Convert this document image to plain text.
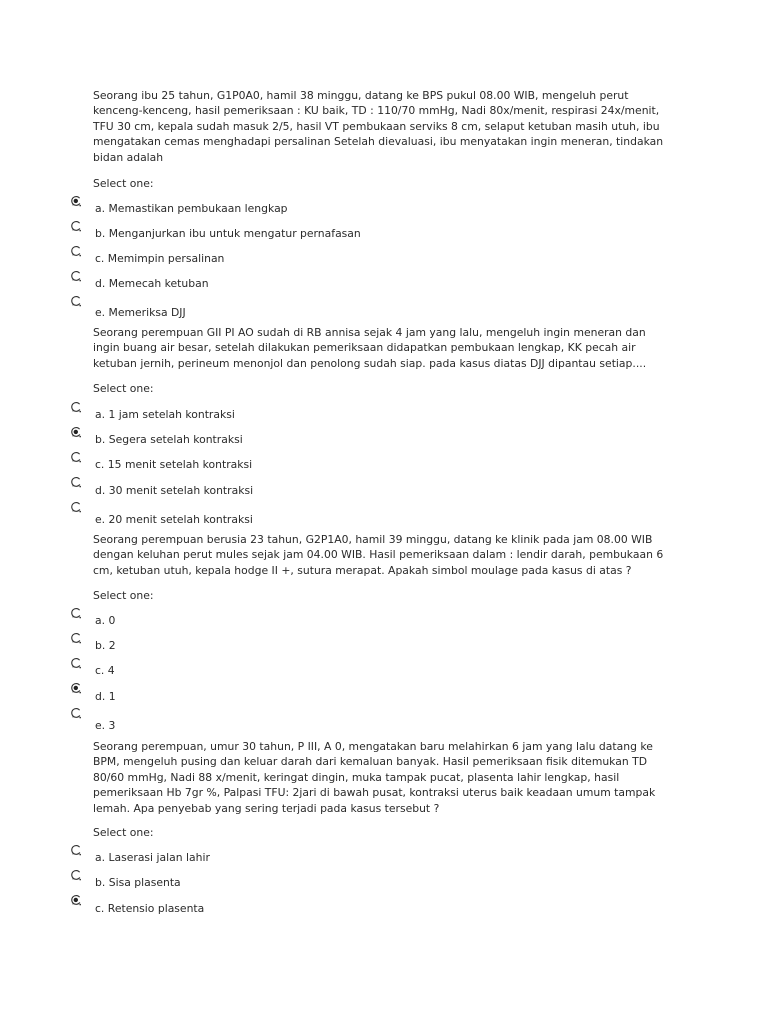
Seorang ibu 25 tahun, G1P0A0, hamil 38 minggu, datang ke BPS pukul 08.00 WIB, mengeluh perut kenceng-kenceng, hasil pemeriksaan : KU baik, TD : 110/70 mmHg, Nadi 80x/menit, respirasi 24x/menit, TFU 30 cm, kepala sudah masuk 2/5, hasil VT pembukaan serviks 8 cm, selaput ketuban masih utuh, ibu mengatakan cemas menghadapi persalinan Setelah dievaluasi, ibu menyatakan ingin meneran, tindakan bidan adalah

Select one:

a. Memastikan pembukaan lengkap
b. Menganjurkan ibu untuk mengatur pernafasan
c. Memimpin persalinan
d. Memecah ketuban
e. Memeriksa DJJ

Seorang perempuan GII PI AO sudah di RB annisa sejak 4 jam yang lalu, mengeluh ingin meneran dan ingin buang air besar, setelah dilakukan pemeriksaan didapatkan pembukaan lengkap, KK pecah air ketuban jernih, perineum menonjol dan penolong sudah siap. pada kasus diatas DJJ dipantau setiap....

Select one:

a. 1 jam setelah kontraksi
b. Segera setelah kontraksi
c. 15 menit setelah kontraksi
d. 30 menit setelah kontraksi
e. 20 menit setelah kontraksi

Seorang perempuan berusia 23 tahun, G2P1A0, hamil 39 minggu, datang ke klinik pada jam 08.00 WIB dengan keluhan perut mules sejak jam 04.00 WIB. Hasil pemeriksaan dalam : lendir darah, pembukaan 6 cm, ketuban utuh, kepala hodge II +, sutura merapat. Apakah simbol moulage pada kasus di atas ?

Select one:

a. 0
b. 2
c. 4
d. 1
e. 3

Seorang perempuan, umur 30 tahun, P III, A 0, mengatakan baru melahirkan 6 jam yang lalu datang ke BPM, mengeluh pusing dan keluar darah dari kemaluan banyak. Hasil pemeriksaan fisik ditemukan TD 80/60 mmHg, Nadi 88 x/menit, keringat dingin, muka tampak pucat, plasenta lahir lengkap, hasil pemeriksaan Hb 7gr %, Palpasi TFU: 2jari di bawah pusat, kontraksi uterus baik keadaan umum tampak lemah. Apa penyebab yang sering terjadi pada kasus tersebut ?

Select one:

a. Laserasi jalan lahir
b. Sisa plasenta
c. Retensio plasenta
